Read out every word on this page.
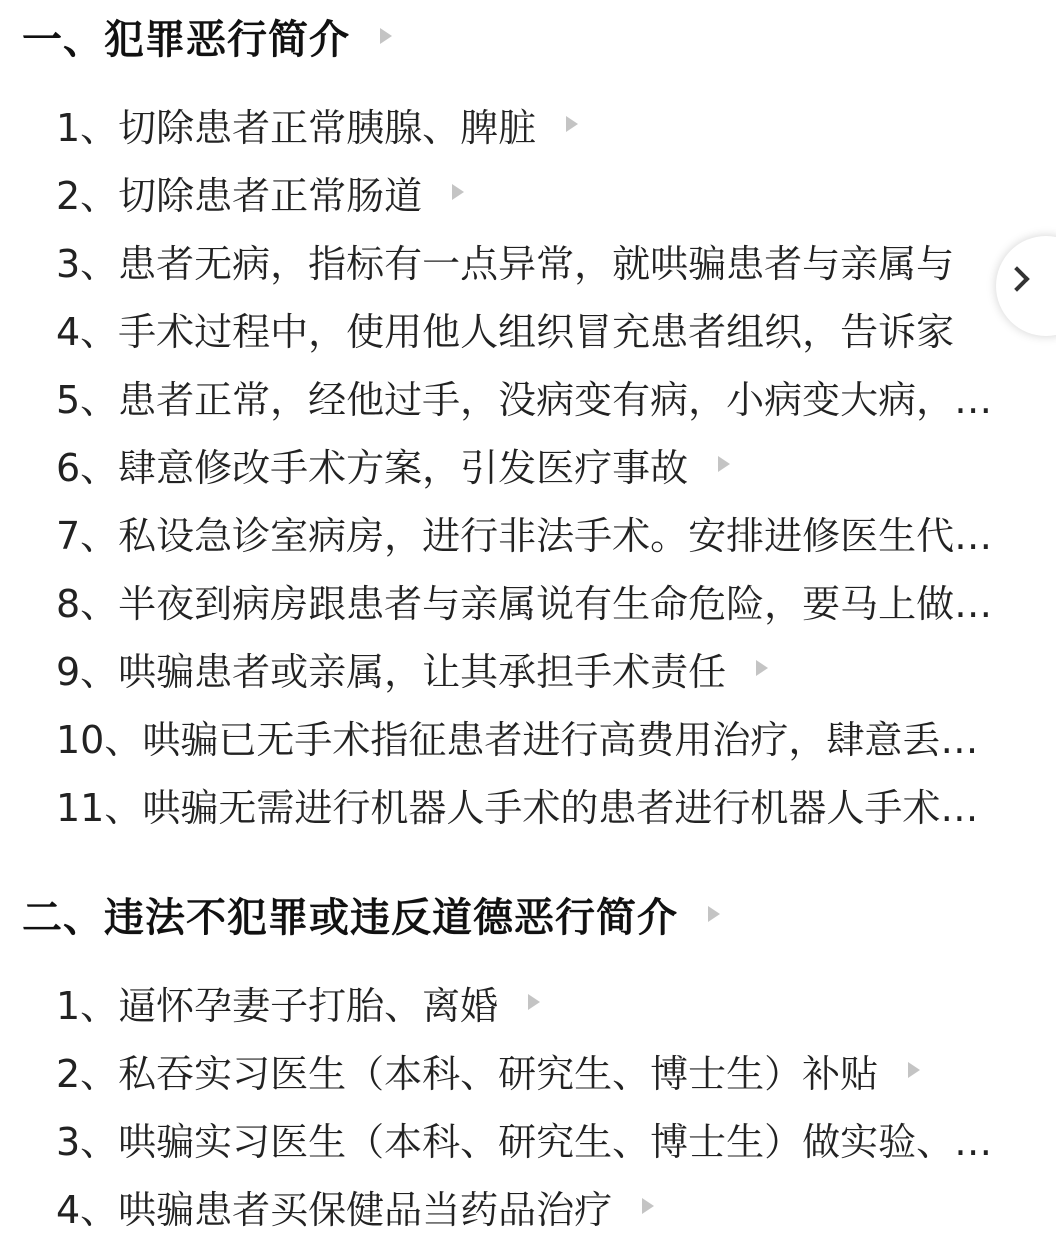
一、犯罪恶行简介
1、切除患者正常胰腺、脾脏
2、切除患者正常肠道
3、患者无病，指标有一点异常，就哄骗患者与亲属与
4、手术过程中，使用他人组织冒充患者组织，告诉家
5、患者正常，经他过手，没病变有病，小病变大病，…
6、肆意修改手术方案，引发医疗事故
7、私设急诊室病房，进行非法手术。安排进修医生代…
8、半夜到病房跟患者与亲属说有生命危险，要马上做…
9、哄骗患者或亲属，让其承担手术责任
10、哄骗已无手术指征患者进行高费用治疗，肆意丢…
11、哄骗无需进行机器人手术的患者进行机器人手术…
二、违法不犯罪或违反道德恶行简介
1、逼怀孕妻子打胎、离婚
2、私吞实习医生（本科、研究生、博士生）补贴
3、哄骗实习医生（本科、研究生、博士生）做实验、…
4、哄骗患者买保健品当药品治疗
